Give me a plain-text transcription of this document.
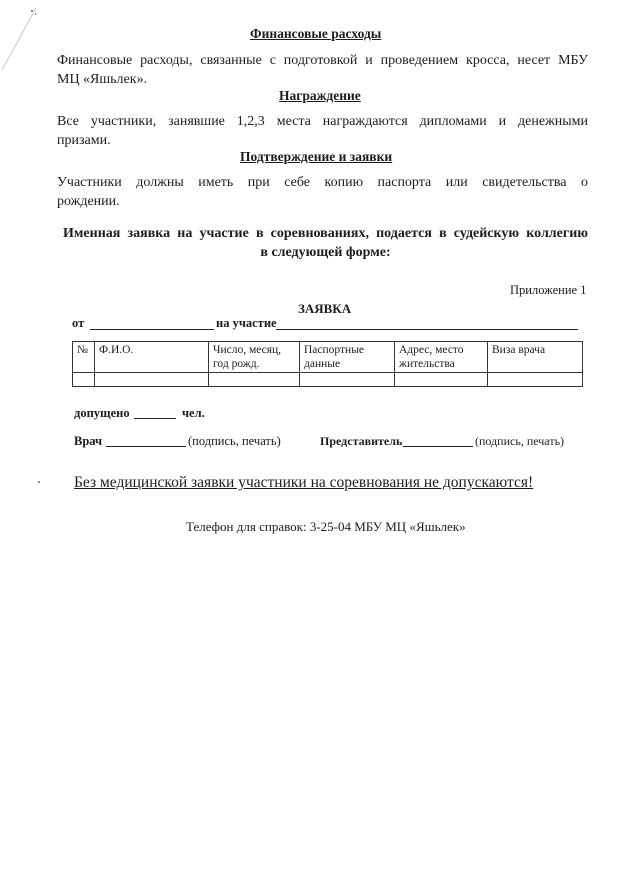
Финансовые расходы
Финансовые расходы, связанные с подготовкой и проведением кросса, несет МБУ
МЦ «Яшьлек».
Награждение
Все участники, занявшие 1,2,3 места награждаются дипломами и денежными
призами.
Подтверждение и заявки
Участники должны иметь при себе копию паспорта или свидетельства о
рождении.
Именная заявка на участие в соревнованиях, подается в судейскую коллегию
в следующей форме:
Приложение 1
ЗАЯВКА
от	на участие
№	Ф.И.О.	Число, месяц, год рожд.	Паспортные данные	Адрес, место жительства	Виза врача

допущено	чел.
Врач	(подпись, печать)	Представитель	(подпись, печать)
Без медицинской заявки участники на соревнования не допускаются!
Телефон для справок: 3-25-04 МБУ МЦ «Яшьлек»
